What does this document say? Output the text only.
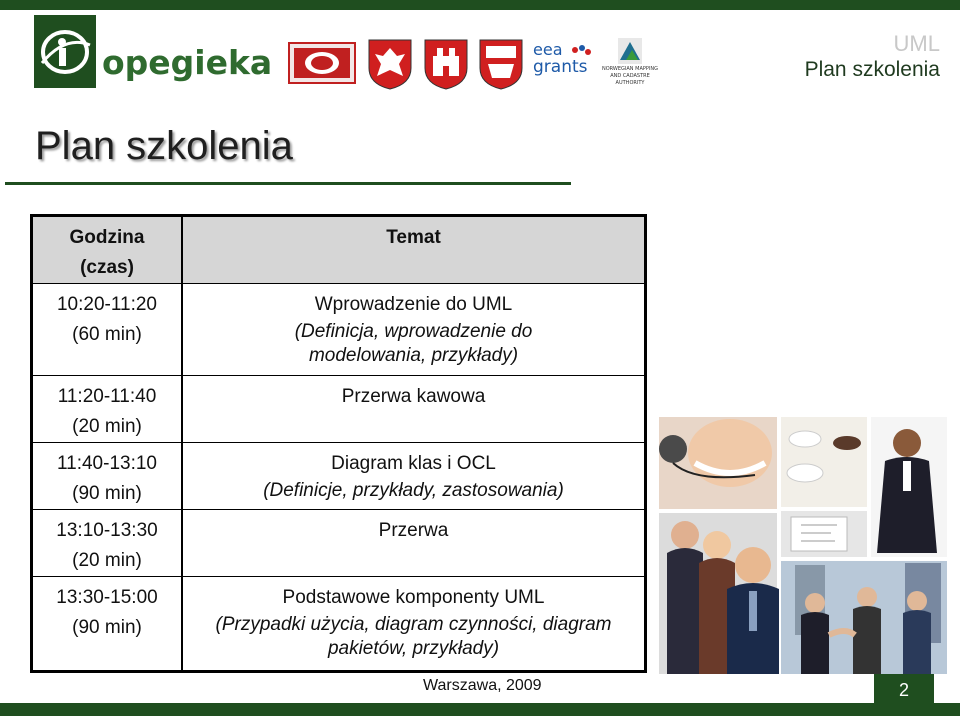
opegieka	eea
grants	NORWEGIAN MAPPING
AND CADASTRE
AUTHORITY
UML
Plan szkolenia
Plan szkolenia
Godzina
(czas)	Temat

10:20-11:20
(60 min)	Wprowadzenie do UML
(Definicja, wprowadzenie do modelowania, przykłady)

11:20-11:40
(20 min)	Przerwa kawowa

11:40-13:10
(90 min)	Diagram klas i OCL
(Definicje, przykłady, zastosowania)

13:10-13:30
(20 min)	Przerwa

13:30-15:00
(90 min)	Podstawowe komponenty UML
(Przypadki użycia, diagram czynności, diagram pakietów, przykłady)
Warszawa, 2009	2
